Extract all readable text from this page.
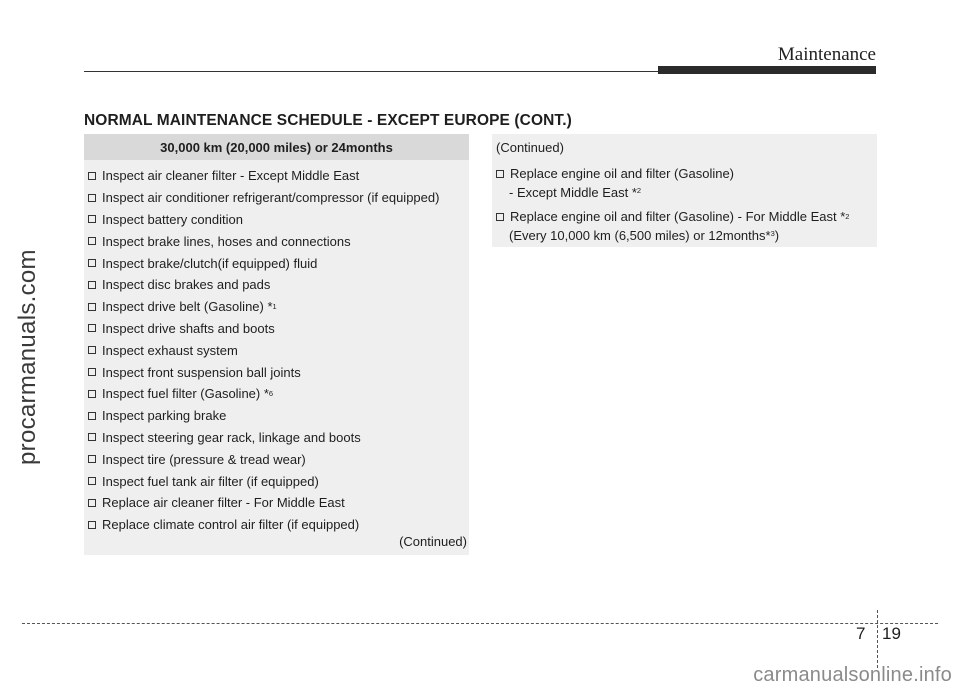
procarmanuals.com
Maintenance
NORMAL MAINTENANCE SCHEDULE - EXCEPT EUROPE (CONT.)
30,000 km (20,000 miles) or 24months
Inspect air cleaner filter - Except Middle East
Inspect air conditioner refrigerant/compressor (if equipped)
Inspect battery condition
Inspect brake lines, hoses and connections
Inspect brake/clutch(if equipped) fluid
Inspect disc brakes and pads
Inspect drive belt (Gasoline) * 1
Inspect drive shafts and boots
Inspect exhaust system
Inspect front suspension ball joints
Inspect fuel filter (Gasoline) * 6
Inspect parking brake
Inspect steering gear rack, linkage and boots
Inspect tire (pressure & tread wear)
Inspect fuel tank air filter (if equipped)
Replace air cleaner filter - For Middle East
Replace climate control air filter (if equipped)
(Continued)
(Continued)
Replace engine oil and filter (Gasoline)
- Except Middle East *$^2$
Replace engine oil and filter (Gasoline) - For Middle East * 2
(Every 10,000 km (6,500 miles) or 12months*$^3$)
7 19
carmanualsonline.info
